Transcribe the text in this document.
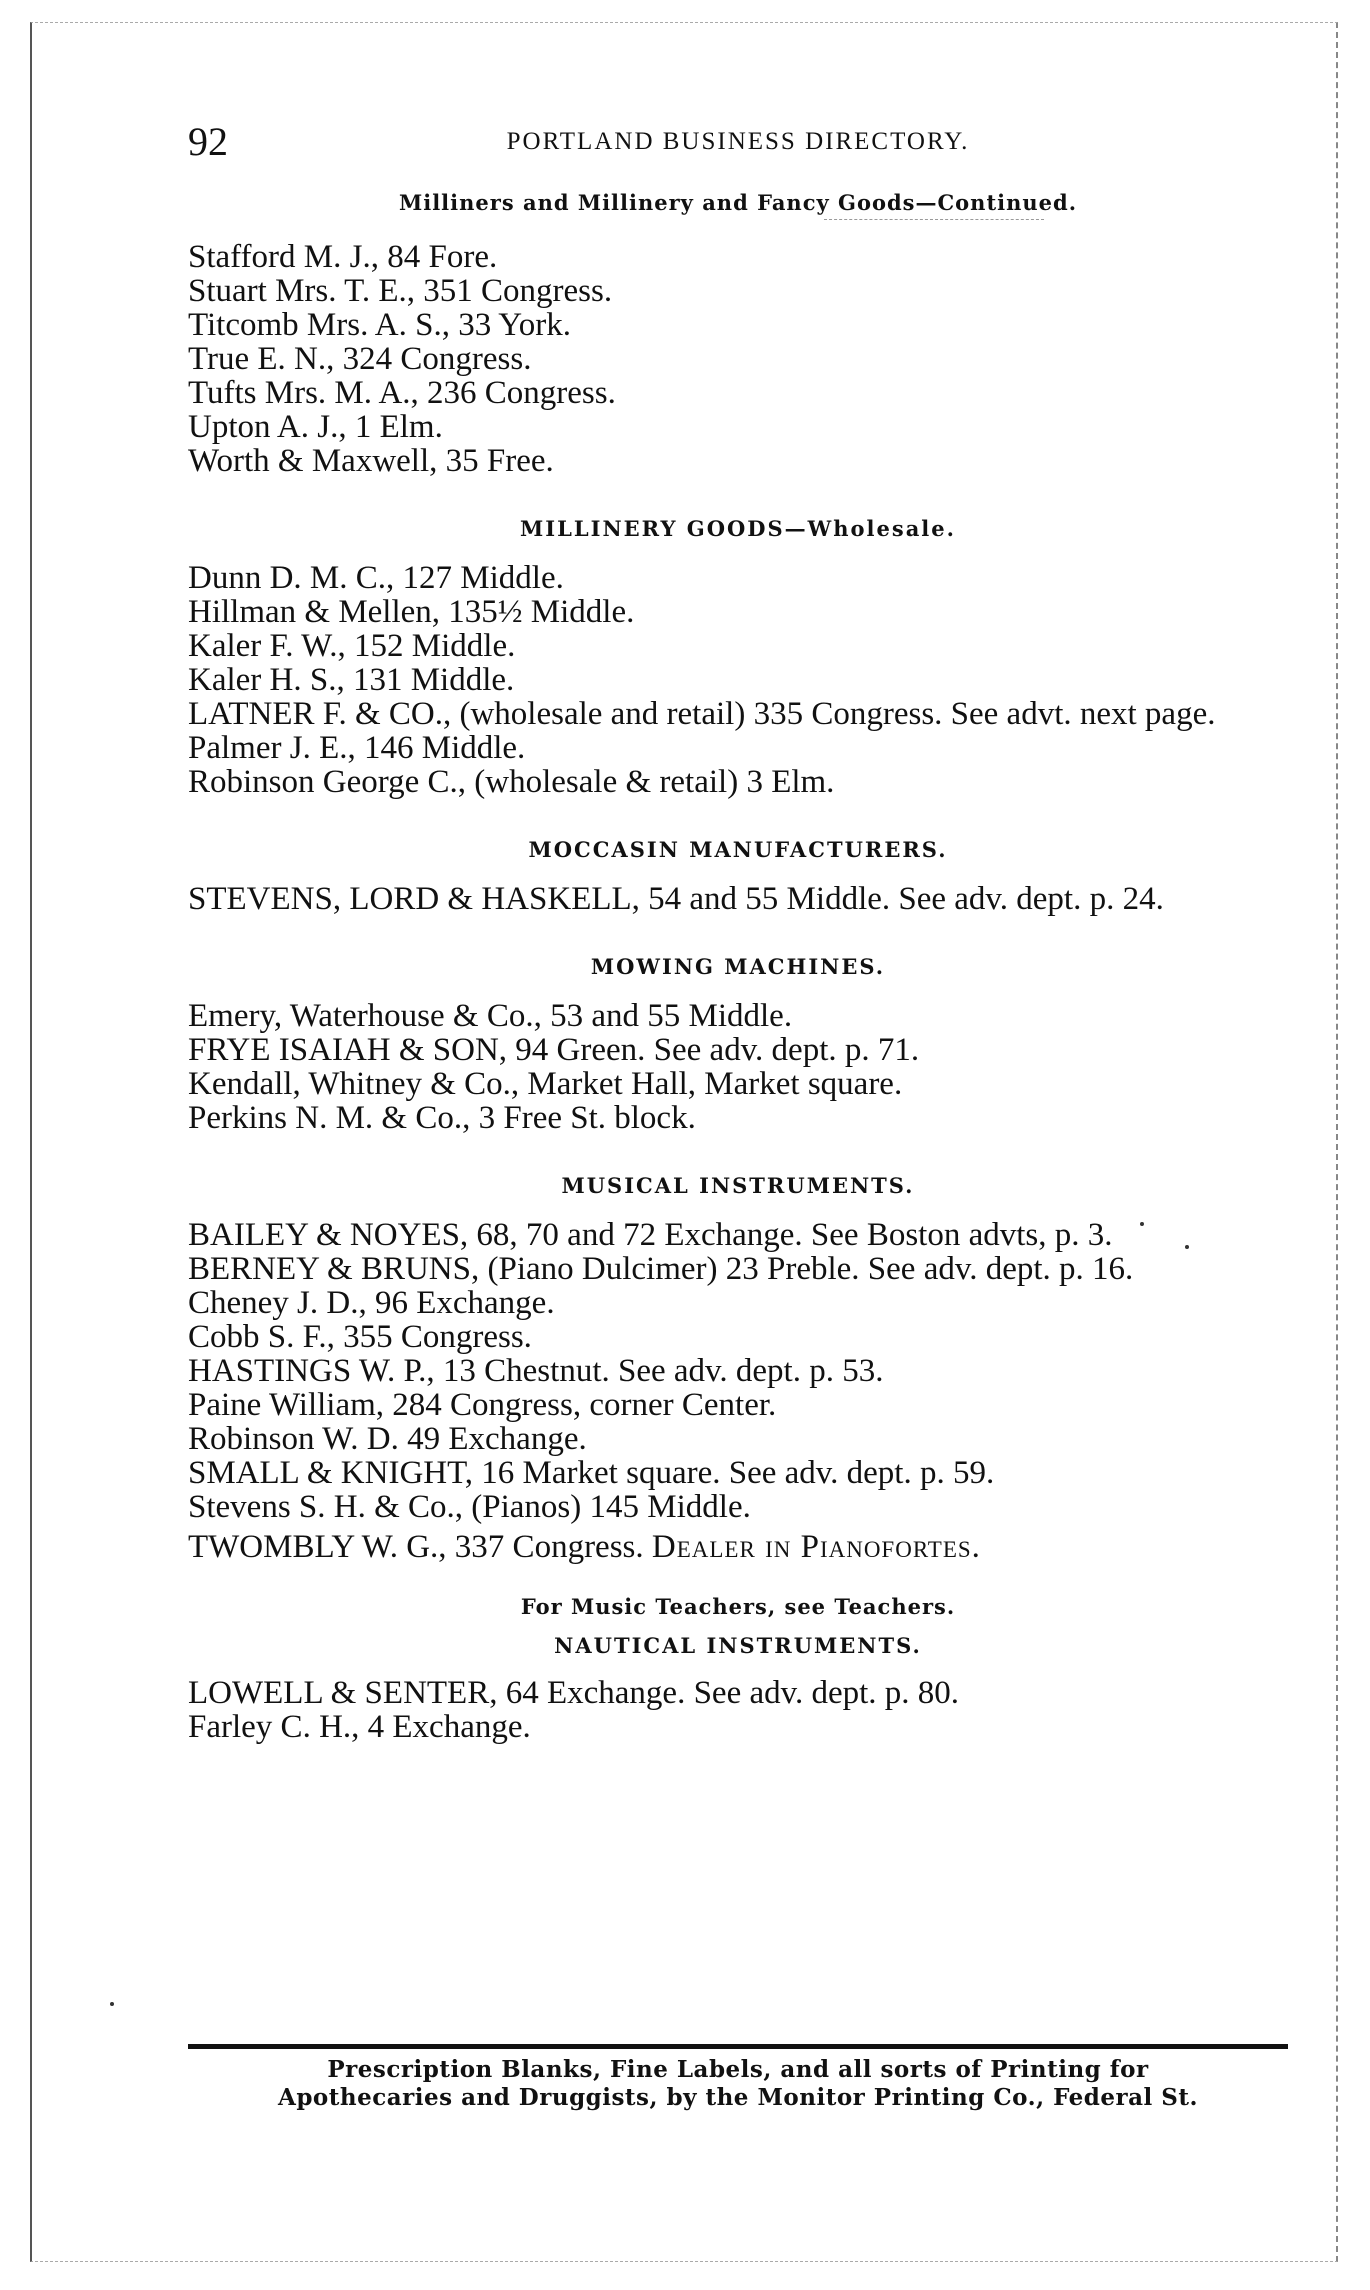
92	PORTLAND BUSINESS DIRECTORY.
Milliners and Millinery and Fancy Goods—Continued.

Stafford M. J., 84 Fore.

Stuart Mrs. T. E., 351 Congress.

Titcomb Mrs. A. S., 33 York.

True E. N., 324 Congress.

Tufts Mrs. M. A., 236 Congress.

Upton A. J., 1 Elm.

Worth & Maxwell, 35 Free.

MILLINERY GOODS—Wholesale.

Dunn D. M. C., 127 Middle.

Hillman & Mellen, 135½ Middle.

Kaler F. W., 152 Middle.

Kaler H. S., 131 Middle.

LATNER F. & CO., (wholesale and retail) 335 Congress. See advt. next page.

Palmer J. E., 146 Middle.

Robinson George C., (wholesale & retail) 3 Elm.

MOCCASIN MANUFACTURERS.

STEVENS, LORD & HASKELL, 54 and 55 Middle. See adv. dept. p. 24.

MOWING MACHINES.

Emery, Waterhouse & Co., 53 and 55 Middle.

FRYE ISAIAH & SON, 94 Green. See adv. dept. p. 71.

Kendall, Whitney & Co., Market Hall, Market square.

Perkins N. M. & Co., 3 Free St. block.

MUSICAL INSTRUMENTS.

BAILEY & NOYES, 68, 70 and 72 Exchange. See Boston advts, p. 3.

BERNEY & BRUNS, (Piano Dulcimer) 23 Preble. See adv. dept. p. 16.

Cheney J. D., 96 Exchange.

Cobb S. F., 355 Congress.

HASTINGS W. P., 13 Chestnut. See adv. dept. p. 53.

Paine William, 284 Congress, corner Center.

Robinson W. D. 49 Exchange.

SMALL & KNIGHT, 16 Market square. See adv. dept. p. 59.

Stevens S. H. & Co., (Pianos) 145 Middle.

TWOMBLY W. G., 337 Congress. Dealer in Pianofortes.

For Music Teachers, see Teachers.
NAUTICAL INSTRUMENTS.

LOWELL & SENTER, 64 Exchange. See adv. dept. p. 80.

Farley C. H., 4 Exchange.

Prescription Blanks, Fine Labels, and all sorts of Printing for
Apothecaries and Druggists, by the Monitor Printing Co., Federal St.
